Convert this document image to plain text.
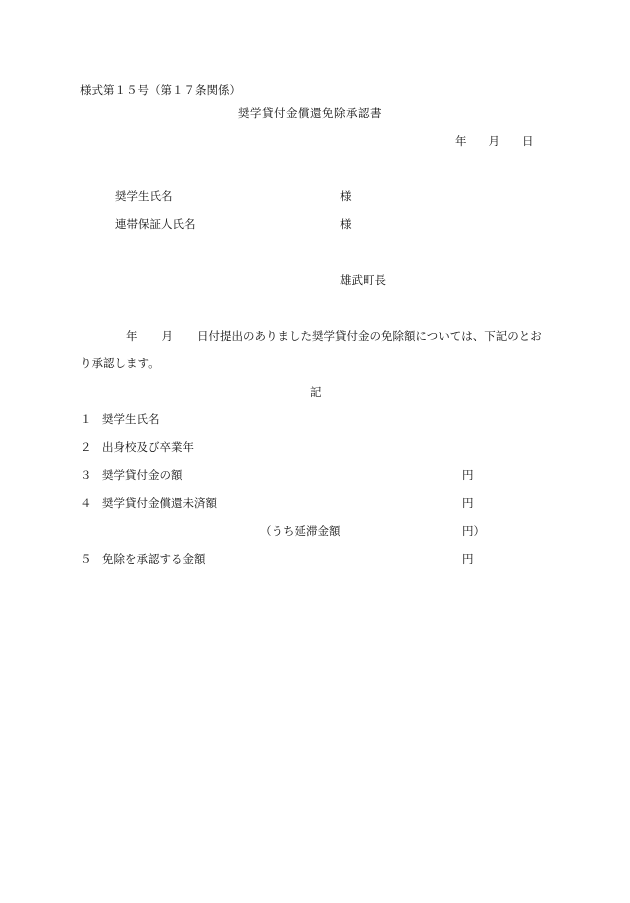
様式第１５号（第１７条関係）
奨学貸付金償還免除承認書
年 月 日
奨学生氏名	様
連帯保証人氏名	様
雄武町長
年 月 日付提出のありました奨学貸付金の免除額については、下記のとお
り承認します。
記
１ 奨学生氏名
２ 出身校及び卒業年
３ 奨学貸付金の額	円
４ 奨学貸付金償還未済額	円
（うち延滞金額	円）
５ 免除を承認する金額	円
